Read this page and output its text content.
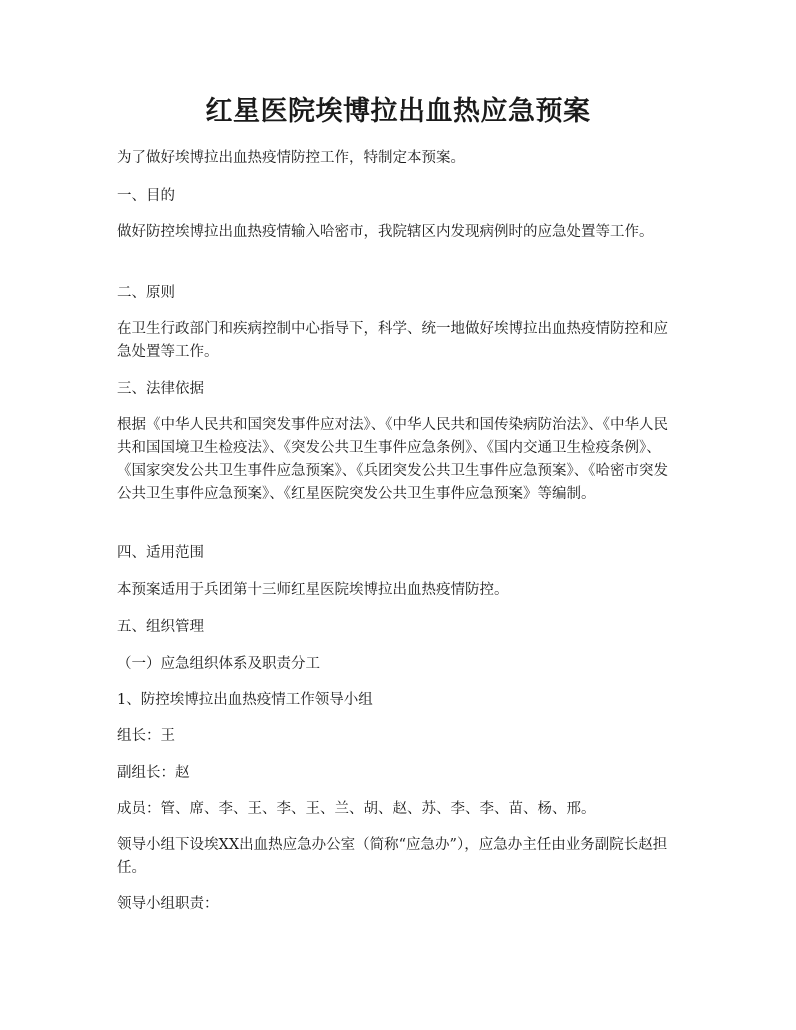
红星医院埃博拉出血热应急预案

为了做好埃博拉出血热疫情防控工作，特制定本预案。

一、目的

做好防控埃博拉出血热疫情输入哈密市，我院辖区内发现病例时的应急处置等工作。

二、原则

在卫生行政部门和疾病控制中心指导下，科学、统一地做好埃博拉出血热疫情防控和应急处置等工作。

三、法律依据

根据《中华人民共和国突发事件应对法》、《中华人民共和国传染病防治法》、《中华人民共和国国境卫生检疫法》、《突发公共卫生事件应急条例》、《国内交通卫生检疫条例》、《国家突发公共卫生事件应急预案》、《兵团突发公共卫生事件应急预案》、《哈密市突发公共卫生事件应急预案》、《红星医院突发公共卫生事件应急预案》等编制。

四、适用范围

本预案适用于兵团第十三师红星医院埃博拉出血热疫情防控。

五、组织管理

（一）应急组织体系及职责分工

1、防控埃博拉出血热疫情工作领导小组

组长：王

副组长：赵

成员：管、席、李、王、李、王、兰、胡、赵、苏、李、李、苗、杨、邢。

领导小组下设埃XX出血热应急办公室（简称“应急办”），应急办主任由业务副院长赵担任。

领导小组职责：
